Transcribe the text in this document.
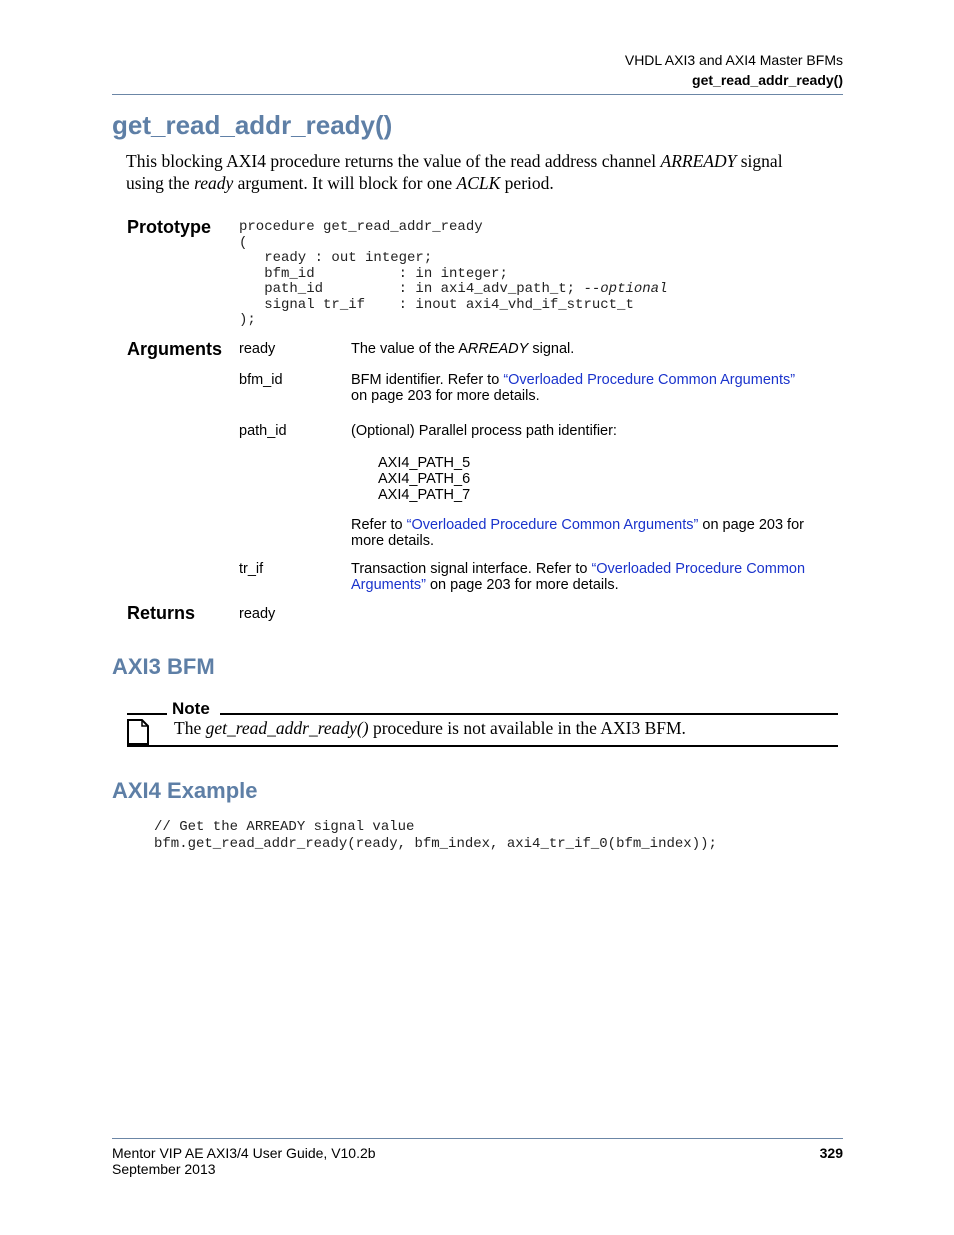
VHDL AXI3 and AXI4 Master BFMs
get_read_addr_ready()
get_read_addr_ready()
This blocking AXI4 procedure returns the value of the read address channel ARREADY signal
using the ready argument. It will block for one ACLK period.
Prototype procedure get_read_addr_ready
(
ready : out integer;
bfm_id          : in integer;
path_id         : in axi4_adv_path_t; --optional
signal tr_if    : inout axi4_vhd_if_struct_t
);
Arguments ready	The value of the ARREADY signal.
bfm_id	BFM identifier. Refer to “Overloaded Procedure Common Arguments”
on page 203 for more details.
path_id	(Optional) Parallel process path identifier:
AXI4_PATH_5
AXI4_PATH_6
AXI4_PATH_7
Refer to “Overloaded Procedure Common Arguments” on page 203 for
more details.
tr_if	Transaction signal interface. Refer to “Overloaded Procedure Common
Arguments” on page 203 for more details.
Returns	ready
AXI3 BFM
Note
The get_read_addr_ready() procedure is not available in the AXI3 BFM.
AXI4 Example
// Get the ARREADY signal value
bfm.get_read_addr_ready(ready, bfm_index, axi4_tr_if_0(bfm_index));
Mentor VIP AE AXI3/4 User Guide, V10.2b
September 2013
329
